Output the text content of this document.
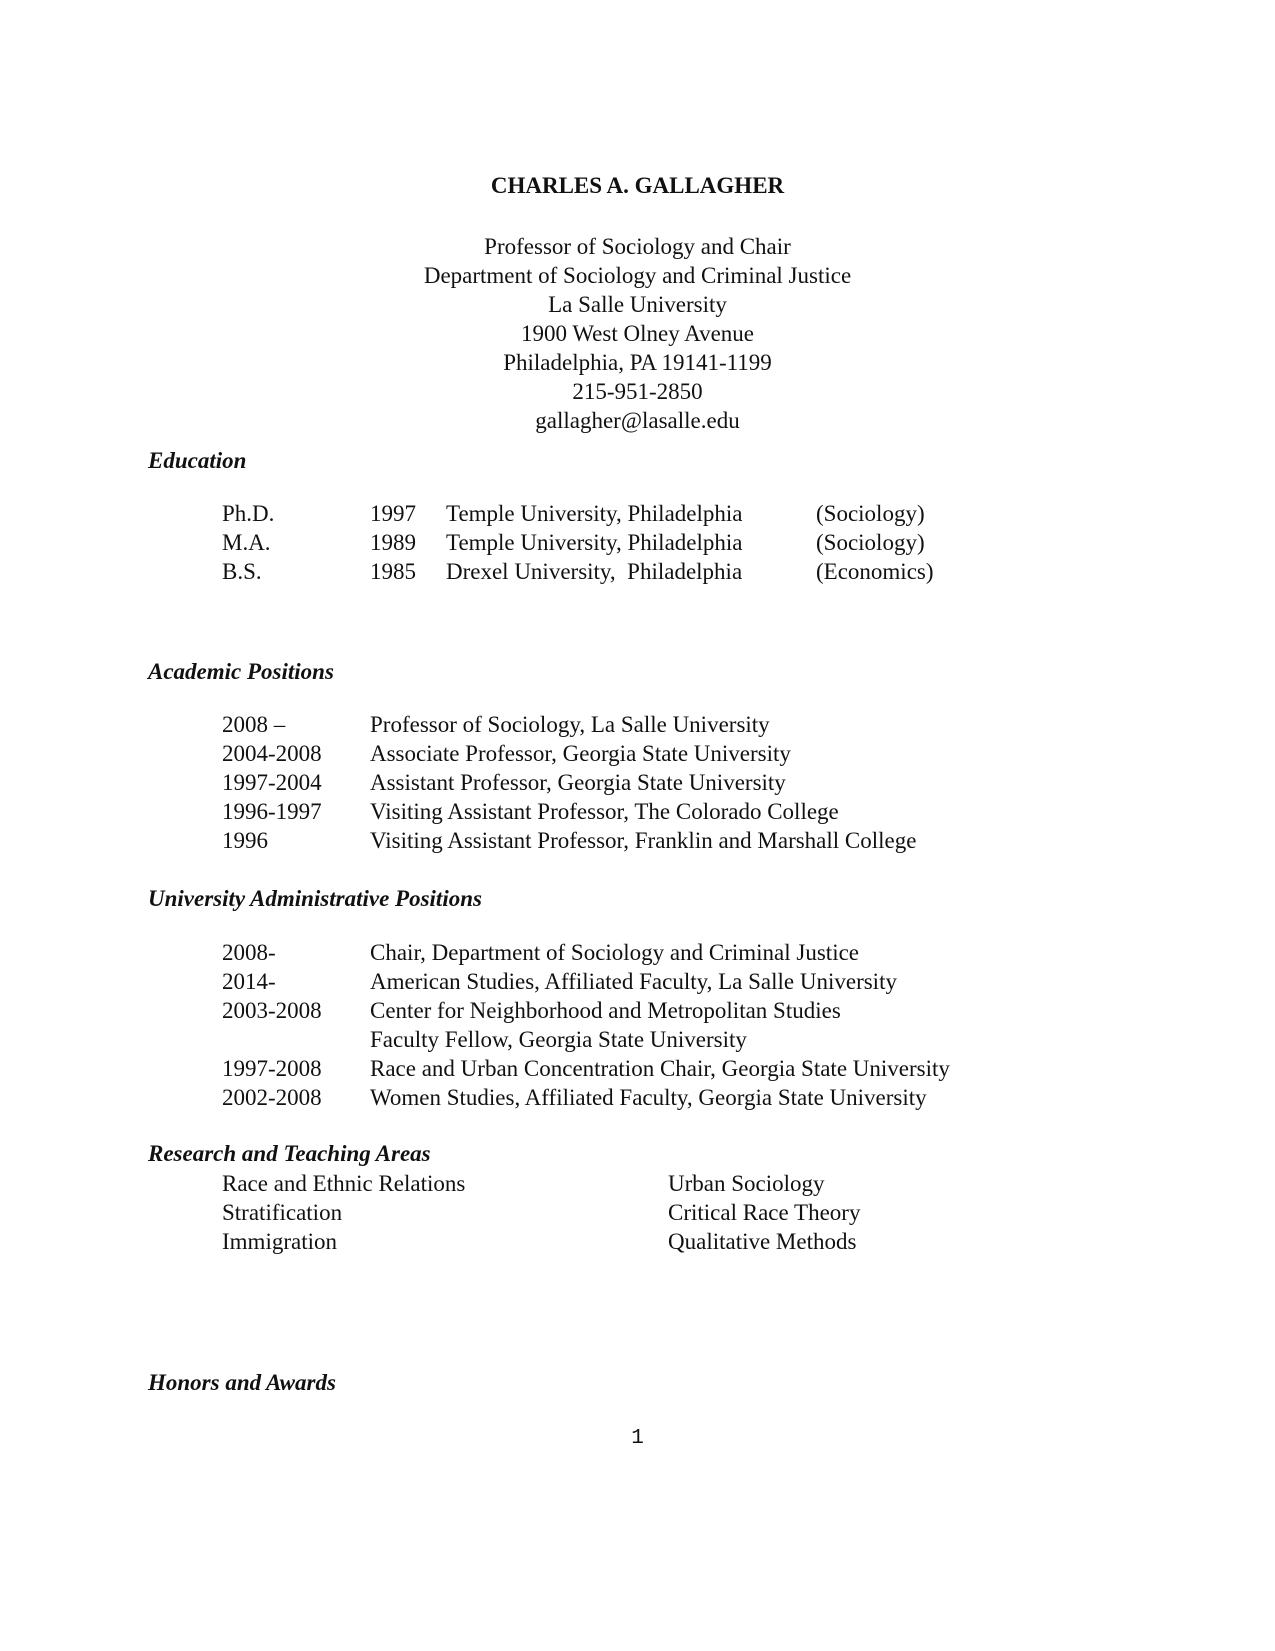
CHARLES A. GALLAGHER
Professor of Sociology and Chair
Department of Sociology and Criminal Justice
La Salle University
1900 West Olney Avenue
Philadelphia, PA 19141-1199
215-951-2850
gallagher@lasalle.edu
Education
Ph.D.	1997 Temple University, Philadelphia	(Sociology)
M.A.	1989 Temple University, Philadelphia	(Sociology)
B.S.	1985 Drexel University,  Philadelphia	(Economics)
Academic Positions
2008 –	Professor of Sociology, La Salle University
2004-2008 Associate Professor, Georgia State University
1997-2004 Assistant Professor, Georgia State University
1996-1997 Visiting Assistant Professor, The Colorado College
1996	Visiting Assistant Professor, Franklin and Marshall College
University Administrative Positions
2008-	Chair, Department of Sociology and Criminal Justice
2014-	American Studies, Affiliated Faculty, La Salle University
2003-2008 Center for Neighborhood and Metropolitan Studies
Faculty Fellow, Georgia State University
1997-2008 Race and Urban Concentration Chair, Georgia State University
2002-2008 Women Studies, Affiliated Faculty, Georgia State University
Research and Teaching Areas
Race and Ethnic Relations	Urban Sociology
Stratification	Critical Race Theory
Immigration	Qualitative Methods
Honors and Awards
1
